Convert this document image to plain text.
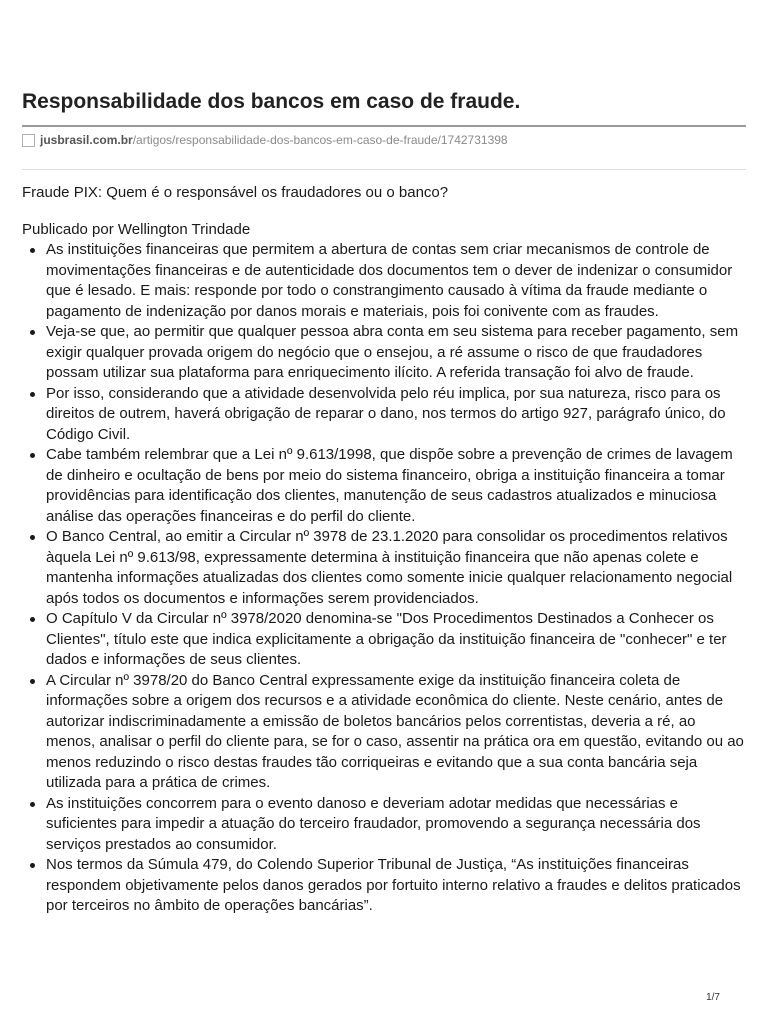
Responsabilidade dos bancos em caso de fraude.
jusbrasil.com.br /artigos/responsabilidade-dos-bancos-em-caso-de-fraude/1742731398

Fraude PIX: Quem é o responsável os fraudadores ou o banco?

Publicado por Wellington Trindade

As instituições financeiras que permitem a abertura de contas sem criar mecanismos de controle de movimentações financeiras e de autenticidade dos documentos tem o dever de indenizar o consumidor que é lesado. E mais: responde por todo o constrangimento causado à vítima da fraude mediante o pagamento de indenização por danos morais e materiais, pois foi conivente com as fraudes.
Veja-se que, ao permitir que qualquer pessoa abra conta em seu sistema para receber pagamento, sem exigir qualquer provada origem do negócio que o ensejou, a ré assume o risco de que fraudadores possam utilizar sua plataforma para enriquecimento ilícito. A referida transação foi alvo de fraude.
Por isso, considerando que a atividade desenvolvida pelo réu implica, por sua natureza, risco para os direitos de outrem, haverá obrigação de reparar o dano, nos termos do artigo 927, parágrafo único, do Código Civil.
Cabe também relembrar que a Lei nº 9.613/1998, que dispõe sobre a prevenção de crimes de lavagem de dinheiro e ocultação de bens por meio do sistema financeiro, obriga a instituição financeira a tomar providências para identificação dos clientes, manutenção de seus cadastros atualizados e minuciosa análise das operações financeiras e do perfil do cliente.
O Banco Central, ao emitir a Circular nº 3978 de 23.1.2020 para consolidar os procedimentos relativos àquela Lei nº 9.613/98, expressamente determina à instituição financeira que não apenas colete e mantenha informações atualizadas dos clientes como somente inicie qualquer relacionamento negocial após todos os documentos e informações serem providenciados.
O Capítulo V da Circular nº 3978/2020 denomina-se "Dos Procedimentos Destinados a Conhecer os Clientes", título este que indica explicitamente a obrigação da instituição financeira de "conhecer" e ter dados e informações de seus clientes.
A Circular nº 3978/20 do Banco Central expressamente exige da instituição financeira coleta de informações sobre a origem dos recursos e a atividade econômica do cliente. Neste cenário, antes de autorizar indiscriminadamente a emissão de boletos bancários pelos correntistas, deveria a ré, ao menos, analisar o perfil do cliente para, se for o caso, assentir na prática ora em questão, evitando ou ao menos reduzindo o risco destas fraudes tão corriqueiras e evitando que a sua conta bancária seja utilizada para a prática de crimes.
As instituições concorrem para o evento danoso e deveriam adotar medidas que necessárias e suficientes para impedir a atuação do terceiro fraudador, promovendo a segurança necessária dos serviços prestados ao consumidor.
Nos termos da Súmula 479, do Colendo Superior Tribunal de Justiça, “As instituições financeiras respondem objetivamente pelos danos gerados por fortuito interno relativo a fraudes e delitos praticados por terceiros no âmbito de operações bancárias”.
1/7
